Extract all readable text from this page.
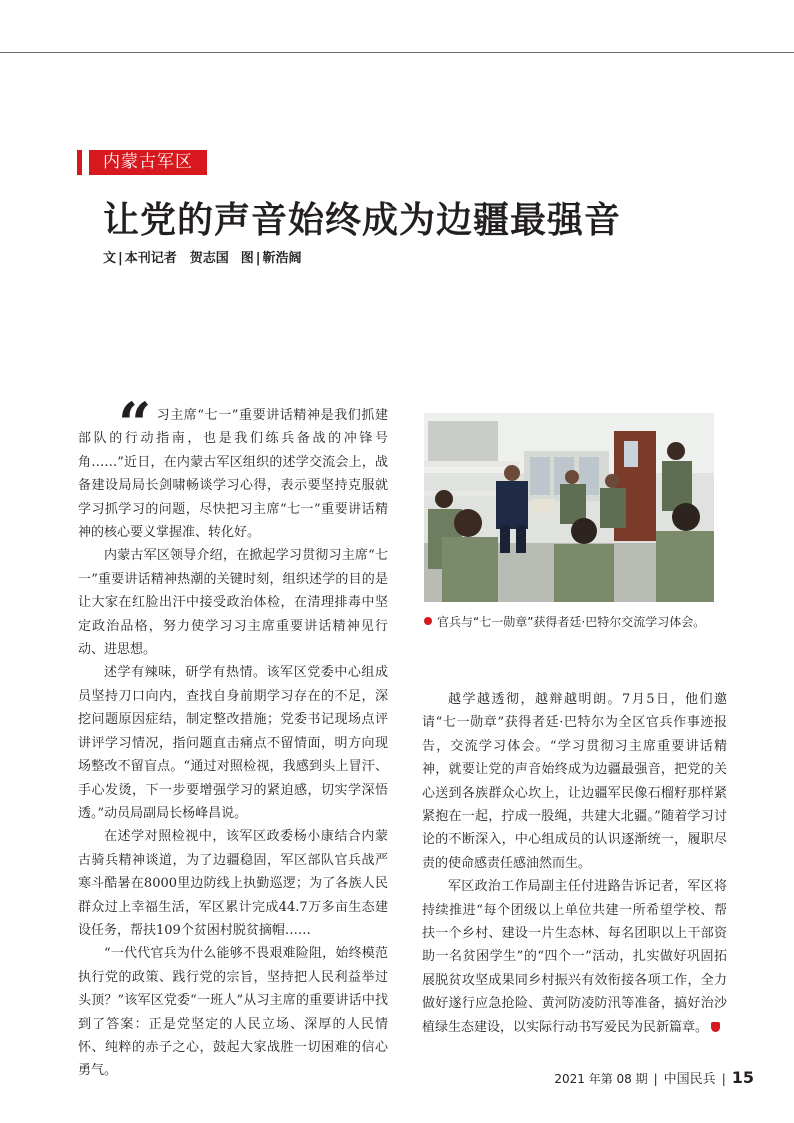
内蒙古军区
让党的声音始终成为边疆最强音
文 | 本刊记者　贺志国 图 | 靳浩阔
“ 习主席“七一”重要讲话精神是我们抓建部队的行动指南，也是我们练兵备战的冲锋号角……”近日，在内蒙古军区组织的述学交流会上，战备建设局局长剑啸畅谈学习心得，表示要坚持克服就学习抓学习的问题，尽快把习主席“七一”重要讲话精神的核心要义掌握准、转化好。

内蒙古军区领导介绍，在掀起学习贯彻习主席“七一”重要讲话精神热潮的关键时刻，组织述学的目的是让大家在红脸出汗中接受政治体检，在清理排毒中坚定政治品格，努力使学习习主席重要讲话精神见行动、进思想。

述学有辣味，研学有热情。该军区党委中心组成员坚持刀口向内，查找自身前期学习存在的不足，深挖问题原因症结，制定整改措施；党委书记现场点评讲评学习情况，指问题直击痛点不留情面，明方向现场整改不留盲点。“通过对照检视，我感到头上冒汗、手心发烫，下一步要增强学习的紧迫感，切实学深悟透。”动员局副局长杨峰昌说。

在述学对照检视中，该军区政委杨小康结合内蒙古骑兵精神谈道，为了边疆稳固，军区部队官兵战严寒斗酷暑在8000里边防线上执勤巡逻；为了各族人民群众过上幸福生活，军区累计完成44.7万多亩生态建设任务，帮扶109个贫困村脱贫摘帽……

“一代代官兵为什么能够不畏艰难险阻，始终模范执行党的政策、践行党的宗旨，坚持把人民利益举过头顶？”该军区党委“一班人”从习主席的重要讲话中找到了答案：正是党坚定的人民立场、深厚的人民情怀、纯粹的赤子之心，鼓起大家战胜一切困难的信心勇气。

官兵与“七一勋章”获得者廷·巴特尔交流学习体会。

越学越透彻，越辩越明朗。7月5日，他们邀请“七一勋章”获得者廷·巴特尔为全区官兵作事迹报告，交流学习体会。“学习贯彻习主席重要讲话精神，就要让党的声音始终成为边疆最强音，把党的关心送到各族群众心坎上，让边疆军民像石榴籽那样紧紧抱在一起，拧成一股绳，共建大北疆。”随着学习讨论的不断深入，中心组成员的认识逐渐统一，履职尽责的使命感责任感油然而生。

军区政治工作局副主任付进路告诉记者，军区将持续推进“每个团级以上单位共建一所希望学校、帮扶一个乡村、建设一片生态林、每名团职以上干部资助一名贫困学生”的“四个一”活动，扎实做好巩固拓展脱贫攻坚成果同乡村振兴有效衔接各项工作，全力做好遂行应急抢险、黄河防凌防汛等准备，搞好治沙植绿生态建设，以实际行动书写爱民为民新篇章。

2021 年第 08 期 | 中国民兵 | 15
